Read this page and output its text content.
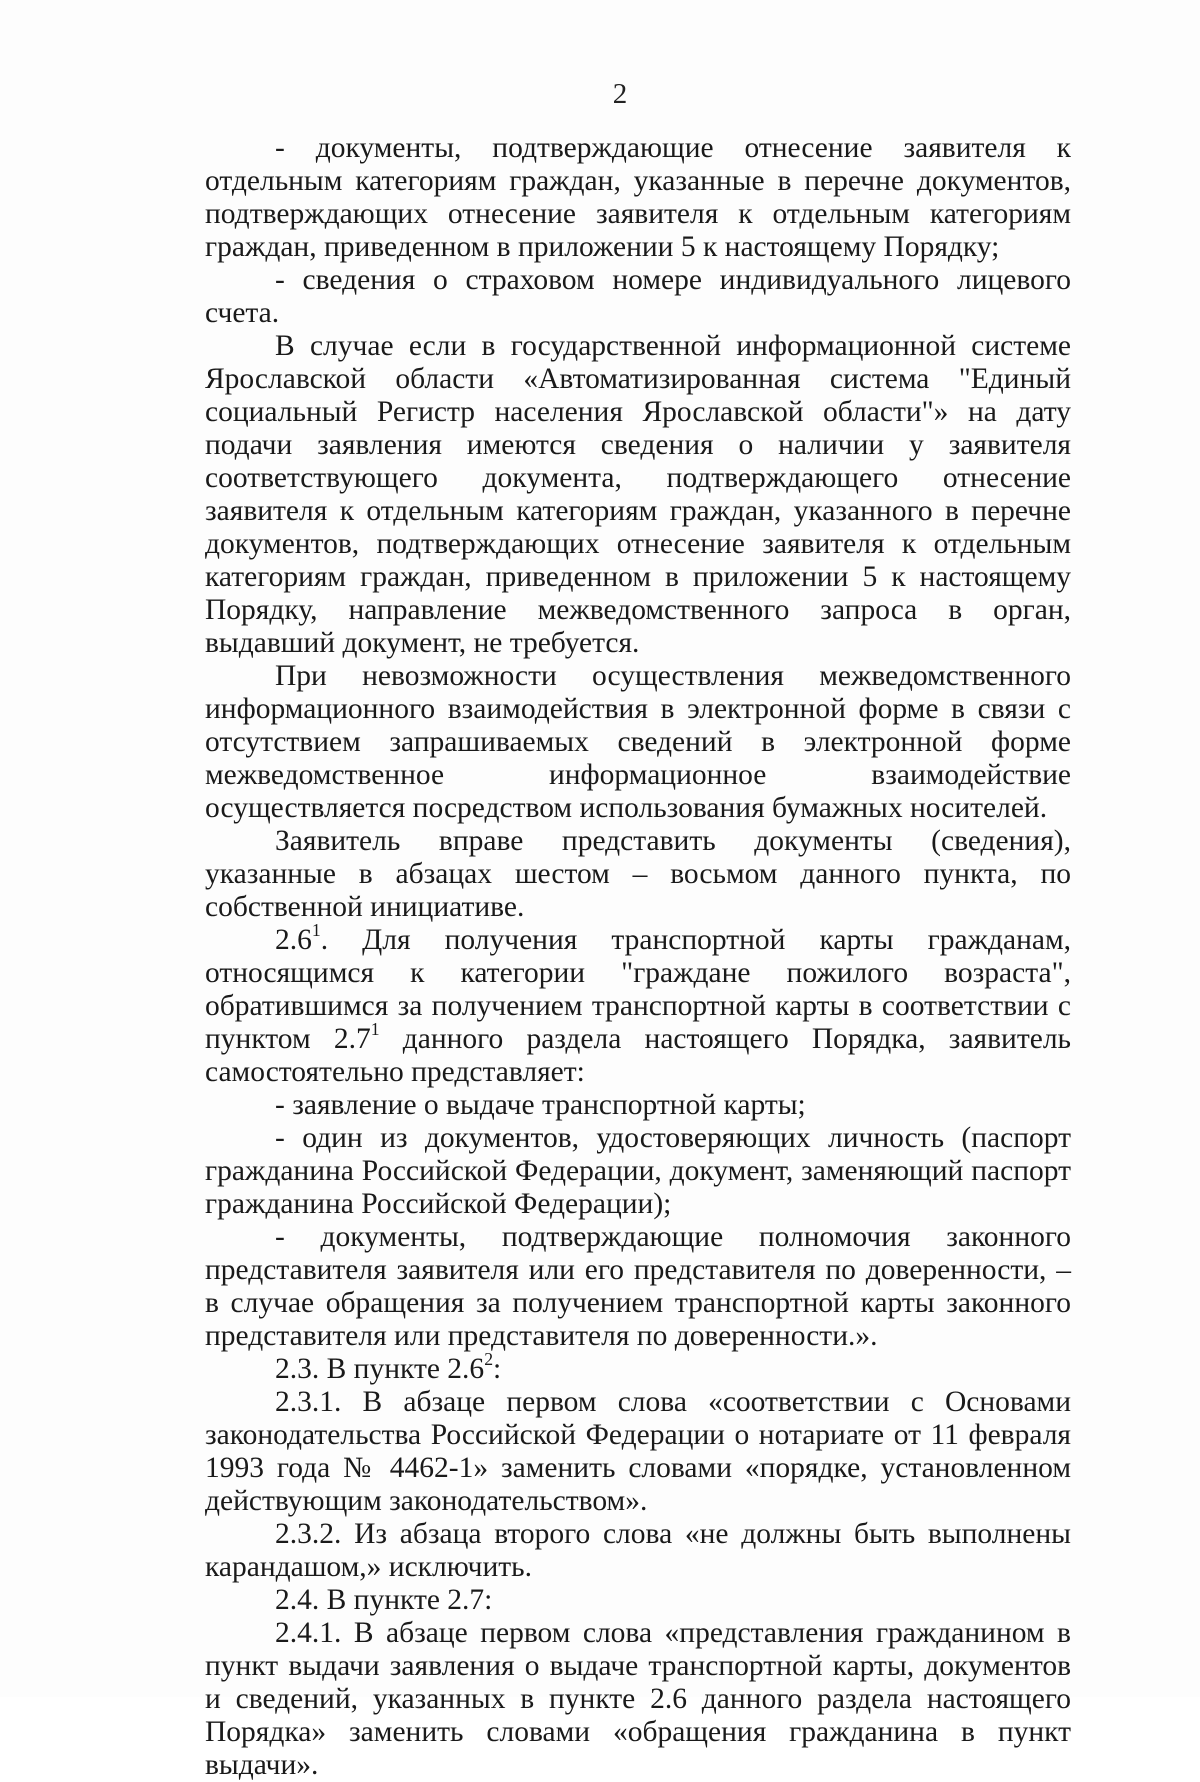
2

- документы, подтверждающие отнесение заявителя к отдельным категориям граждан, указанные в перечне документов, подтверждающих отнесение заявителя к отдельным категориям граждан, приведенном в приложении 5 к настоящему Порядку;

- сведения о страховом номере индивидуального лицевого счета.

В случае если в государственной информационной системе Ярославской области «Автоматизированная система "Единый социальный Регистр населения Ярославской области"» на дату подачи заявления имеются сведения о наличии у заявителя соответствующего документа, подтверждающего отнесение заявителя к отдельным категориям граждан, указанного в перечне документов, подтверждающих отнесение заявителя к отдельным категориям граждан, приведенном в приложении 5 к настоящему Порядку, направление межведомственного запроса в орган, выдавший документ, не требуется.

При невозможности осуществления межведомственного информационного взаимодействия в электронной форме в связи с отсутствием запрашиваемых сведений в электронной форме межведомственное информационное взаимодействие осуществляется посредством использования бумажных носителей.

Заявитель вправе представить документы (сведения), указанные в абзацах шестом – восьмом данного пункта, по собственной инициативе.

$2.6^1$. Для получения транспортной карты гражданам, относящимся к категории "граждане пожилого возраста", обратившимся за получением транспортной карты в соответствии с пунктом $2.7^1$ данного раздела настоящего Порядка, заявитель самостоятельно представляет:

- заявление о выдаче транспортной карты;

- один из документов, удостоверяющих личность (паспорт гражданина Российской Федерации, документ, заменяющий паспорт гражданина Российской Федерации);

- документы, подтверждающие полномочия законного представителя заявителя или его представителя по доверенности, – в случае обращения за получением транспортной карты законного представителя или представителя по доверенности.».

2.3. В пункте $2.6^2$:

2.3.1. В абзаце первом слова «соответствии с Основами законодательства Российской Федерации о нотариате от 11 февраля 1993 года № 4462-1» заменить словами «порядке, установленном действующим законодательством».

2.3.2. Из абзаца второго слова «не должны быть выполнены карандашом,» исключить.

2.4. В пункте 2.7:

2.4.1. В абзаце первом слова «представления гражданином в пункт выдачи заявления о выдаче транспортной карты, документов и сведений, указанных в пункте 2.6 данного раздела настоящего Порядка» заменить словами «обращения гражданина в пункт выдачи».
